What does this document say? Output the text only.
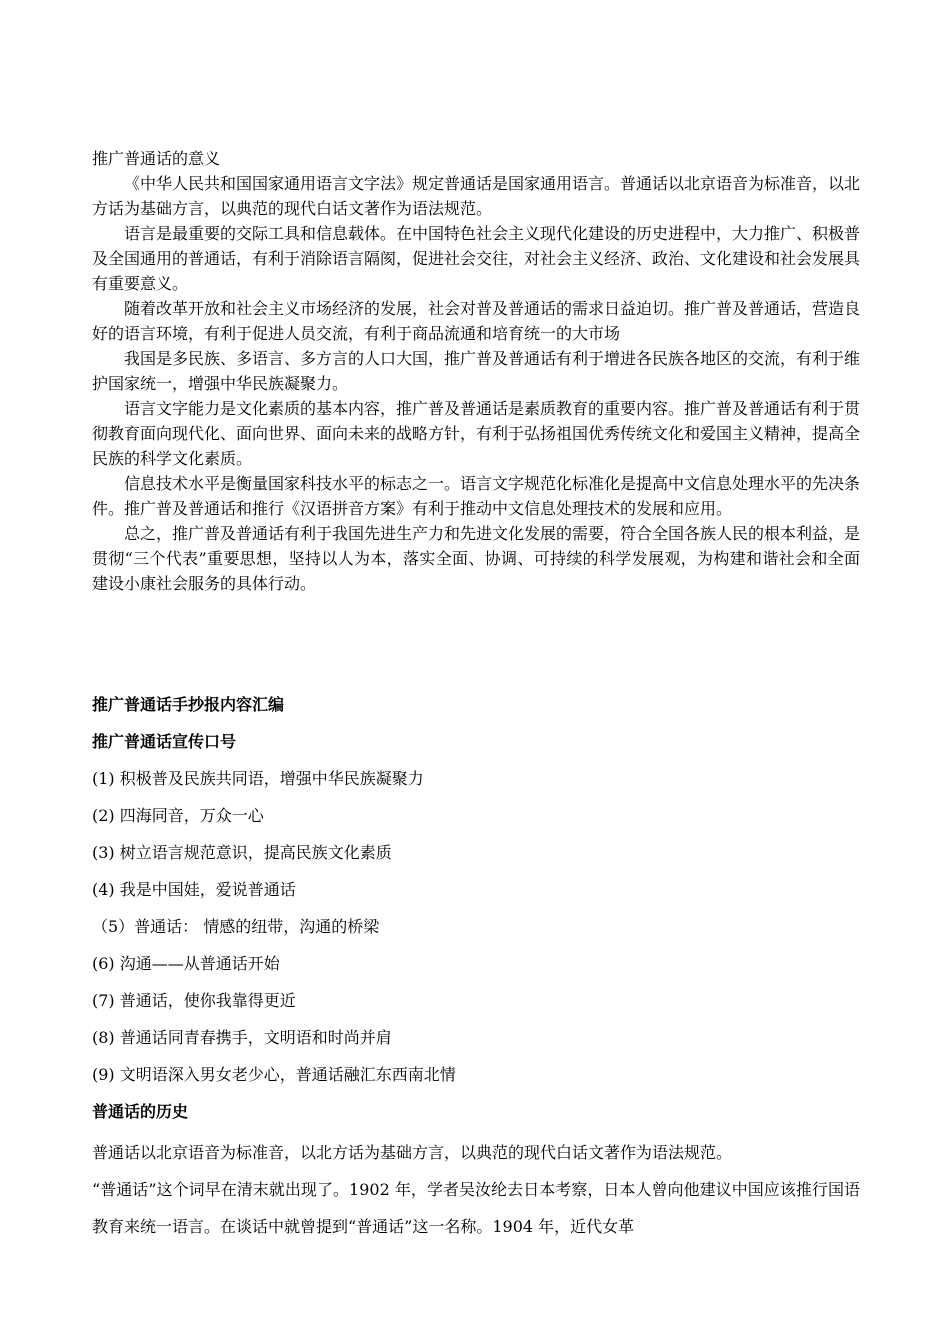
推广普通话的意义

《中华人民共和国国家通用语言文字法》规定普通话是国家通用语言。普通话以北京语音为标准音，以北方话为基础方言，以典范的现代白话文著作为语法规范。

语言是最重要的交际工具和信息载体。在中国特色社会主义现代化建设的历史进程中，大力推广、积极普及全国通用的普通话，有利于消除语言隔阂，促进社会交往，对社会主义经济、政治、文化建设和社会发展具有重要意义。

随着改革开放和社会主义市场经济的发展，社会对普及普通话的需求日益迫切。推广普及普通话，营造良好的语言环境，有利于促进人员交流，有利于商品流通和培育统一的大市场

我国是多民族、多语言、多方言的人口大国，推广普及普通话有利于增进各民族各地区的交流，有利于维护国家统一，增强中华民族凝聚力。

语言文字能力是文化素质的基本内容，推广普及普通话是素质教育的重要内容。推广普及普通话有利于贯彻教育面向现代化、面向世界、面向未来的战略方针，有利于弘扬祖国优秀传统文化和爱国主义精神，提高全民族的科学文化素质。

信息技术水平是衡量国家科技水平的标志之一。语言文字规范化标准化是提高中文信息处理水平的先决条件。推广普及普通话和推行《汉语拼音方案》有利于推动中文信息处理技术的发展和应用。

总之，推广普及普通话有利于我国先进生产力和先进文化发展的需要，符合全国各族人民的根本利益，是贯彻“三个代表”重要思想，坚持以人为本，落实全面、协调、可持续的科学发展观，为构建和谐社会和全面建设小康社会服务的具体行动。

推广普通话手抄报内容汇编
推广普通话宣传口号
(1) 积极普及民族共同语，增强中华民族凝聚力
(2) 四海同音，万众一心
(3) 树立语言规范意识，提高民族文化素质
(4) 我是中国娃，爱说普通话
（5）普通话： 情感的纽带，沟通的桥梁
(6) 沟通——从普通话开始
(7) 普通话，使你我靠得更近
(8) 普通话同青春携手，文明语和时尚并肩
(9) 文明语深入男女老少心，普通话融汇东西南北情
普通话的历史
普通话以北京语音为标准音，以北方话为基础方言，以典范的现代白话文著作为语法规范。
“普通话”这个词早在清末就出现了。1902 年，学者吴汝纶去日本考察，日本人曾向他建议中国应该推行国语教育来统一语言。在谈话中就曾提到“普通话”这一名称。1904 年，近代女革
